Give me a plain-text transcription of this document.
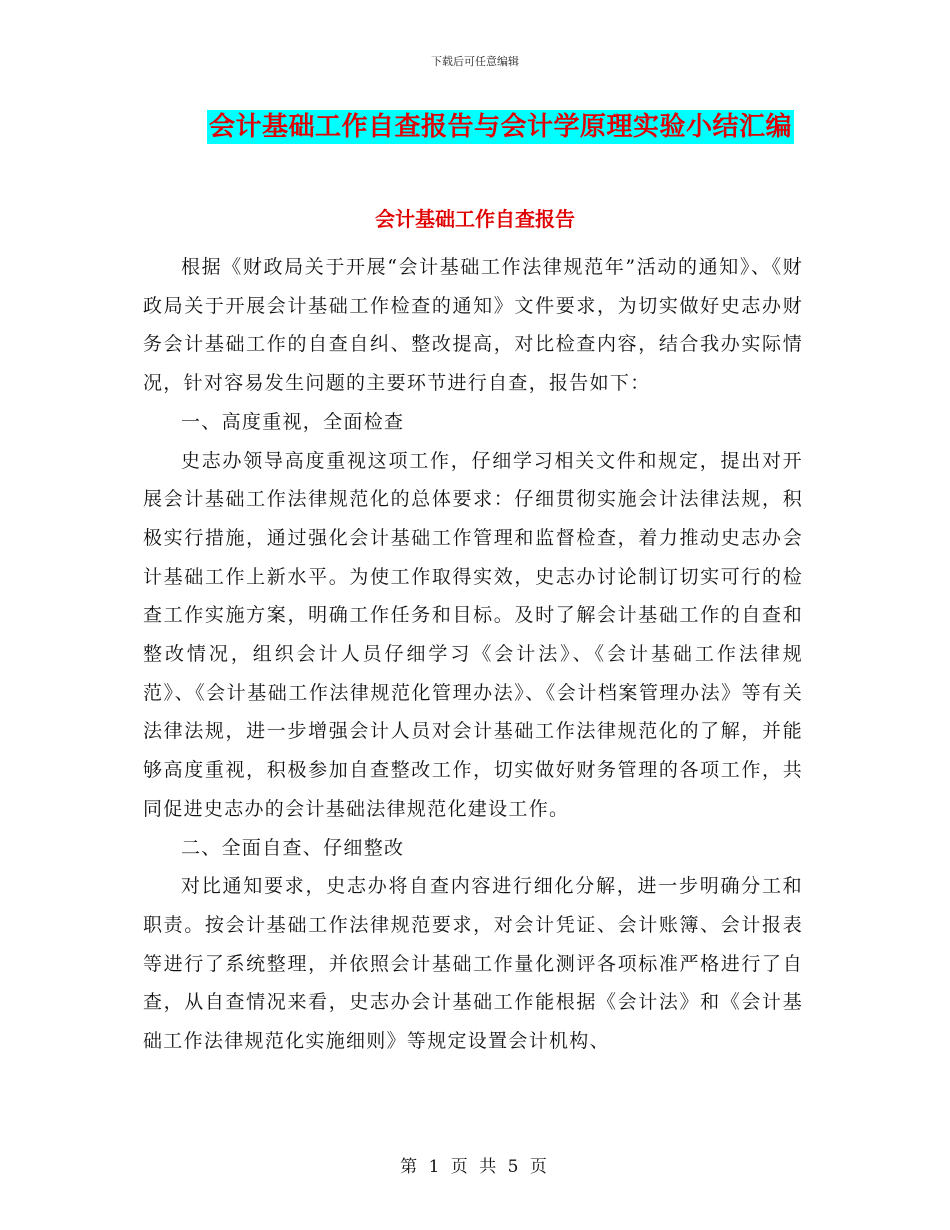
下载后可任意编辑
会计基础工作自查报告与会计学原理实验小结汇编
会计基础工作自查报告

根据《财政局关于开展“会计基础工作法律规范年”活动的通知》、《财政局关于开展会计基础工作检查的通知》文件要求，为切实做好史志办财务会计基础工作的自查自纠、整改提高，对比检查内容，结合我办实际情况，针对容易发生问题的主要环节进行自查，报告如下：

一、高度重视，全面检查

史志办领导高度重视这项工作，仔细学习相关文件和规定，提出对开展会计基础工作法律规范化的总体要求：仔细贯彻实施会计法律法规，积极实行措施，通过强化会计基础工作管理和监督检查，着力推动史志办会计基础工作上新水平。为使工作取得实效，史志办讨论制订切实可行的检查工作实施方案，明确工作任务和目标。及时了解会计基础工作的自查和整改情况，组织会计人员仔细学习《会计法》、《会计基础工作法律规范》、《会计基础工作法律规范化管理办法》、《会计档案管理办法》等有关法律法规，进一步增强会计人员对会计基础工作法律规范化的了解，并能够高度重视，积极参加自查整改工作，切实做好财务管理的各项工作，共同促进史志办的会计基础法律规范化建设工作。

二、全面自查、仔细整改

对比通知要求，史志办将自查内容进行细化分解，进一步明确分工和职责。按会计基础工作法律规范要求，对会计凭证、会计账簿、会计报表等进行了系统整理，并依照会计基础工作量化测评各项标准严格进行了自查，从自查情况来看，史志办会计基础工作能根据《会计法》和《会计基础工作法律规范化实施细则》等规定设置会计机构、

第 1 页 共 5 页
